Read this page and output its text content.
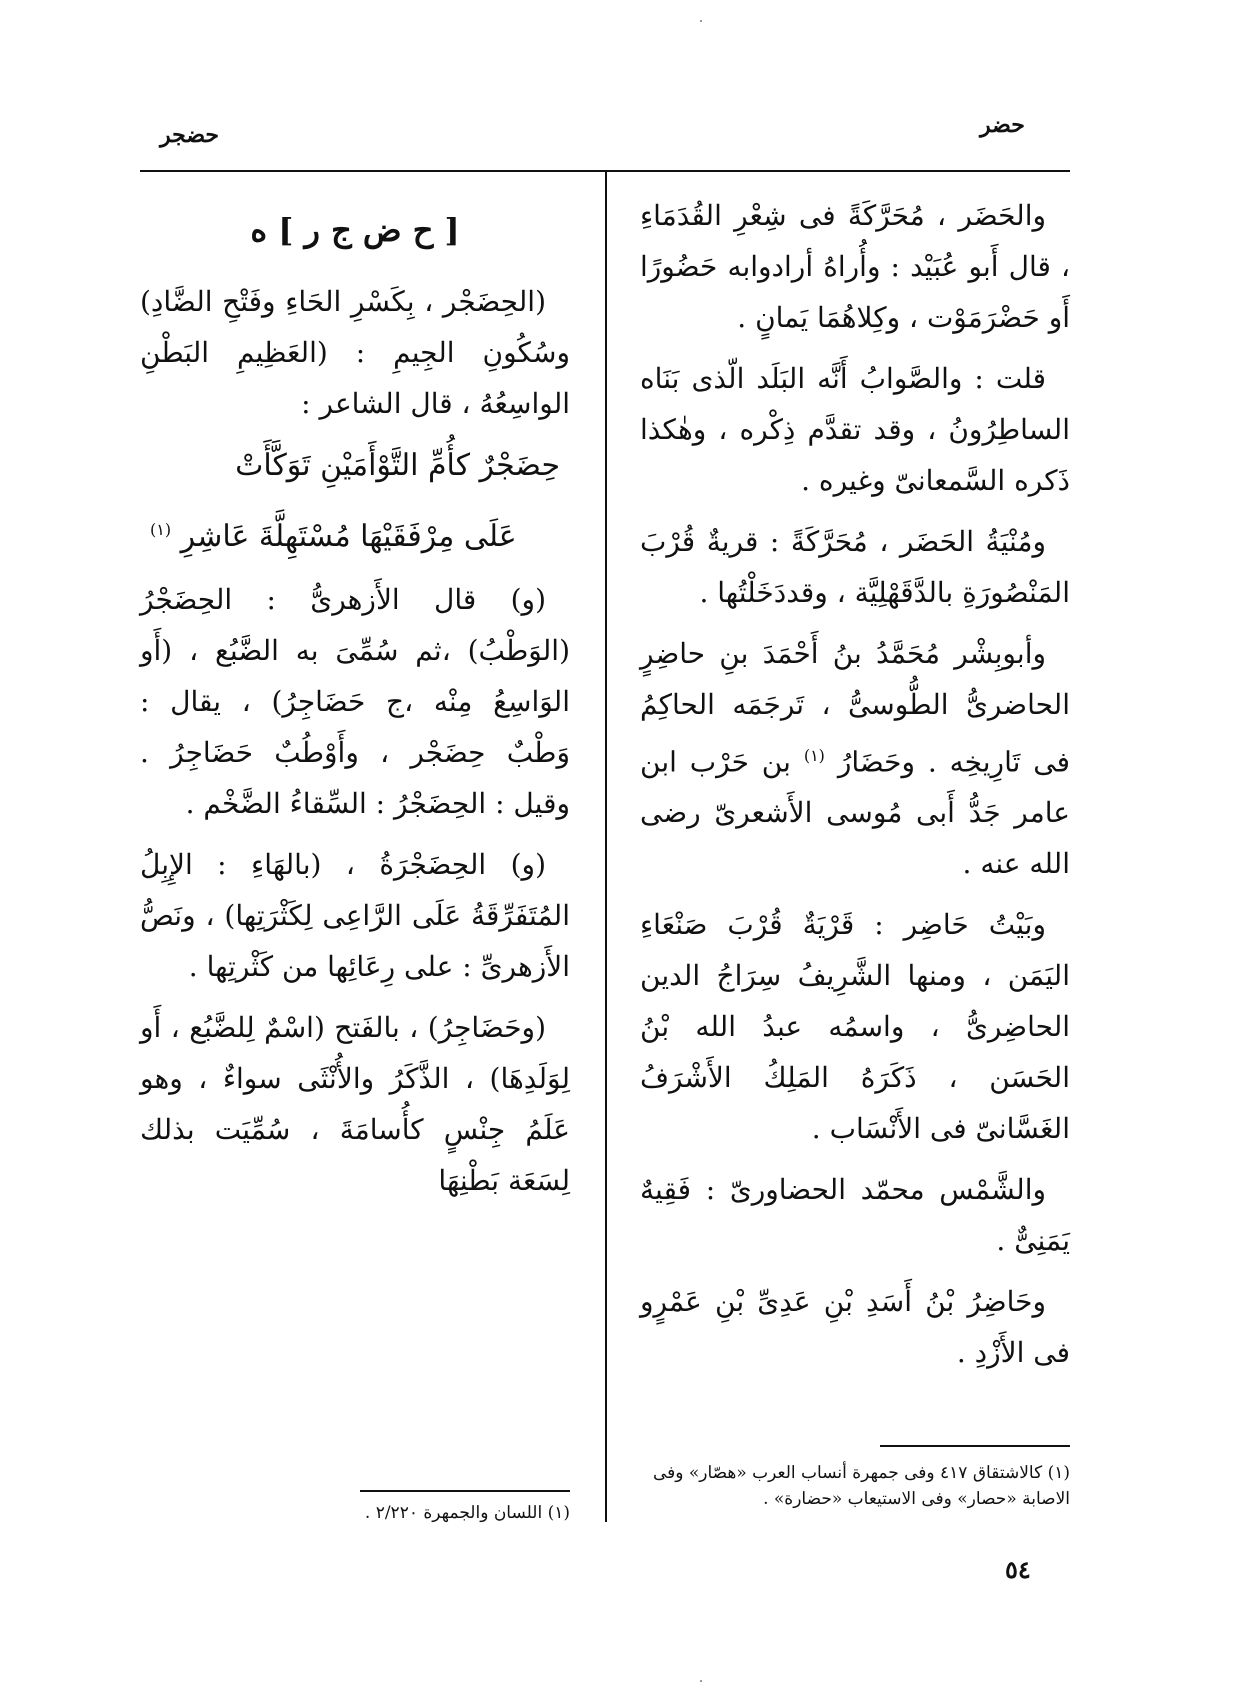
حضجر	حضر

والحَضَر ، مُحَرَّكَةً فى شِعْرِ القُدَمَاءِ ، قال أَبو عُبَيْد : وأُراهُ أرادوابه حَضُورًا أَو حَضْرَمَوْت ، وكِلاهُمَا يَمانٍ .

قلت : والصَّوابُ أَنَّه البَلَد الّذى بَنَاه الساطِرُونُ ، وقد تقدَّم ذِكْره ، وهٰكذا ذَكره السَّمعانىّ وغيره .

ومُنْيَةُ الحَضَر ، مُحَرَّكَةً : قريةٌ قُرْبَ المَنْصُورَةِ بالدَّقَهْلِيَّة ، وقددَخَلْتُها .

وأبوبِشْر مُحَمَّدُ بنُ أَحْمَدَ بنِ حاضِرٍ الحاضرىُّ الطُّوسىُّ ، تَرجَمَه الحاكِمُ فى تَارِيخِه . وحَضَارُ $^{(١)}$ بن حَرْب ابن عامر جَدُّ أَبى مُوسى الأَشعرىّ رضى الله عنه .

وبَيْتُ حَاضِر : قَرْيَةٌ قُرْبَ صَنْعَاءِ اليَمَن ، ومنها الشَّرِيفُ سِرَاجُ الدين الحاضِرىُّ ، واسمُه عبدُ الله بْنُ الحَسَن ، ذَكَرَهُ المَلِكُ الأَشْرَفُ الغَسَّانىّ فى الأَنْسَاب .

والشَّمْس محمّد الحضاورىّ : فَقِيهٌ يَمَنِىٌّ .

وحَاضِرُ بْنُ أَسَدِ بْنِ عَدِىِّ بْنِ عَمْرٍو فى الأَزْدِ .

[ ح ض ج ر ] ه

(الحِضَجْر ، بِكَسْرِ الحَاءِ وفَتْحِ الضَّادِ) وسُكُونِ الجِيمِ : (العَظِيمِ البَطْنِ الواسِعُهُ ، قال الشاعر :

حِضَجْرٌ كأُمِّ التَّوْأَمَيْنِ تَوَكَّأَتْ
عَلَى مِرْفَقَيْهَا مُسْتَهِلَّةَ عَاشِرِ $^{(١)}$

(و) قال الأَزهرىُّ : الحِضَجْرُ (الوَطْبُ) ،ثم سُمِّىَ به الضَّبُع ، (أَو الوَاسِعُ مِنْه ،ج حَضَاجِرُ) ، يقال : وَطْبٌ حِضَجْر ، وأَوْطُبٌ حَضَاجِرُ . وقيل : الحِضَجْرُ : السِّقاءُ الضَّخْم .

(و) الحِضَجْرَةُ ، (بالهَاءِ : الإِبِلُ المُتَفَرِّقَةُ عَلَى الرَّاعِى لِكَثْرَتِها) ، ونَصُّ الأَزهرىِّ : على رِعَائِها من كَثْرتِها .

(وحَضَاجِرُ) ، بالفَتح (اسْمٌ لِلضَّبُع ، أَو لِوَلَدِهَا) ، الذَّكَرُ والأُنْثَى سواءٌ ، وهو عَلَمُ جِنْسٍ كأُسامَةَ ، سُمِّيَت بذلك لِسَعَة بَطْنِهَا

(١) كالاشتقاق ٤١٧ وفى جمهرة أنساب العرب «هصّار» وفى الاصابة «حصار» وفى الاستيعاب «حضارة» .
(١) اللسان والجمهرة ٢/٢٢٠ .
٥٤
